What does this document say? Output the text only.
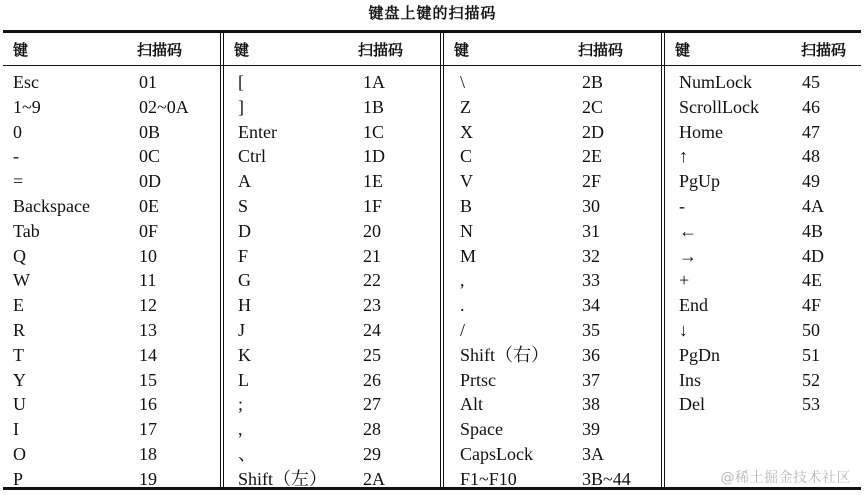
键盘上键的扫描码
键	扫描码
Esc	01
1~9	02~0A
0	0B
-	0C
=	0D
Backspace	0E
Tab	0F
Q	10
W	11
E	12
R	13
T	14
Y	15
U	16
I	17
O	18
P	19
键	扫描码
[	1A
]	1B
Enter	1C
Ctrl	1D
A	1E
S	1F
D	20
F	21
G	22
H	23
J	24
K	25
L	26
;	27
,	28
、	29
Shift（左） 2A
键	扫描码
\	2B
Z	2C
X	2D
C	2E
V	2F
B	30
N	31
M	32
,	33
.	34
/	35
Shift（右） 36
Prtsc	37
Alt	38
Space	39
CapsLock	3A
F1~F10	3B~44
键	扫描码
NumLock	45
ScrollLock 46
Home	47
↑	48
PgUp	49
-	4A
←	4B
→	4D
+	4E
End	4F
↓	50
PgDn	51
Ins	52
Del	53
@稀土掘金技术社区
